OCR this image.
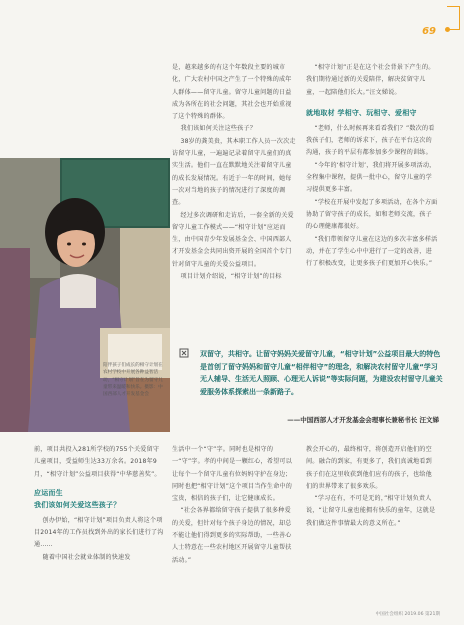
69

是，越来越多的有这个年数段主要的城市化，广大农村中国之产生了一个特殊的成年人群体——留守儿童。留守儿童问题的日益成为各所在的社会问题，其社会也开始重视了这个特殊的群体。

我们该如何关注这些孩子？

38岁的龚美贵，其本职工作人员一次次走访留守儿童，一遍遍记录着留守儿童们的真实生活。他们一直在默默地关注着留守儿童的成长发展情况。有近于一年的时间，她每一次对当地的孩子的情况进行了深度的调查。

经过多次调研和走访后，一套全新的关爱留守儿童工作模式——“相守计划”应运而生，由中国青少年发展基金会、中国西部人才开发基金会共同出资开展的全国首个专门针对留守儿童的关爱公益项目。

项目计划介绍说，“相守计划”的目标

“相守计划”正是在这个社会背景下产生的。我们期待通过新的关爱陪伴，解决贫留守儿童，一起陪他们长大。”汪文娣说。

就地取材 学相守、玩相守、爱相守

“老师，什么时候再来看看我们？”数次的看我孩子们，老师的诉求下，孩子在平台这次的沟通，孩子的平层有都参加多少课程的训练。

“今年的‘相守计划’，我们将开展多项活动，全程集中课程，提供一批中心，留守儿童的学习提供更多丰富。

“学校在开展中发起了多项活动，在各个方面协助了留守孩子的成长，如和老师交流，孩子的心理健康都很好。

“我们带领留守儿童在这边的多次丰富多样活动，并在了学生心中中进行了一定的改善，进行了积极改变，让更多孩子们更加开心快乐。”

陪伴孩子们成长的相守计划在农村学校中开展各种益智活动，“相守计划”旨在为留守儿童带来温暖和快乐。摄影：中国西部人才开发基金会
双留守，共相守。让留守妈妈关爱留守儿童，“相守计划”公益项目最大的特色是首创了留守妈妈和留守儿童“相伴相守”的理念，和解决农村留守儿童“学习无人辅导、生活无人照顾、心理无人诉说”等实际问题，为建设农村留守儿童关爱服务体系探索出一条新路子。
——中国西部人才开发基金会理事长兼秘书长 汪文娣

前，项目共投入281所学校的755个关爱留守儿童项目，受益师生达33万余名。2018年9月，“相守计划”公益项目获得“中华慈善奖”。

应运而生
我们该如何关爱这些孩子？

创办伊始，“相守计划”项目负责人将这个项目2014年的工作员找到外出的家长们进行了沟通……

随着中国社会就业体制的快速发

生活中一个“守”字。同时也是相守的一“守”字。孝的中间是一颗红心，希望可以让每个一个留守儿童有位妈妈守护在身边；同时也把“相守计划”这个项目当作生命中的宝贵，相信的孩子们，让它健康成长。

“社会各界都给留守孩子提供了很多种爱的关爱，但针对每个孩子身边的情况，却总不能让他们得到更多的实际帮助，一些善心人士特意在一些农村地区开展留守儿童帮扶活动。”

教会开心的，最终相守，将创造开启他们的空间。融合的到家，有更多了，我们真诚地看到孩子们在这里收获到他们应有的孩子，也给他们的世界带来了很多欢乐。

“学习在有，不可是无的，”相守计划负责人说，“让留守儿童也能拥有快乐的童年，这就是我们做这件事情最大的意义所在。”

中国社会组织 2019.06 第21期
